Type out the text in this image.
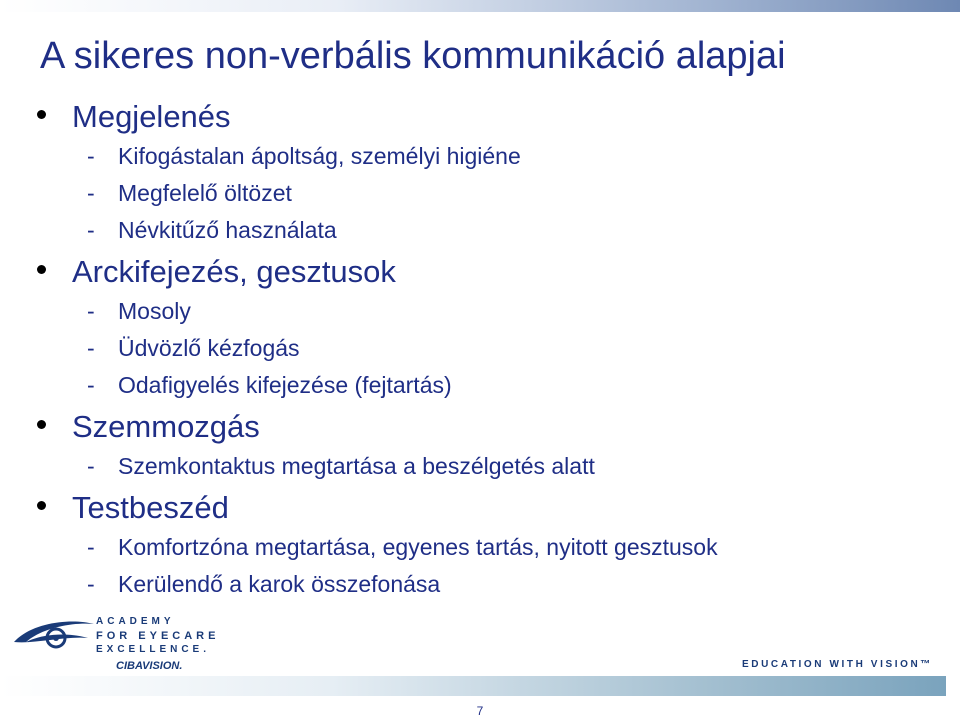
A sikeres non-verbális kommunikáció alapjai
Megjelenés
- Kifogástalan ápoltság, személyi higiéne
- Megfelelő öltözet
- Névkitűző használata
Arckifejezés, gesztusok
- Mosoly
- Üdvözlő kézfogás
- Odafigyelés kifejezése (fejtartás)
Szemmozgás
- Szemkontaktus megtartása a beszélgetés alatt
Testbeszéd
- Komfortzóna megtartása, egyenes tartás, nyitott gesztusok
- Kerülendő a karok összefonása
ACADEMY
FOR EYECARE
EXCELLENCE.
CIBAVISION.	EDUCATION WITH VISION™
7
